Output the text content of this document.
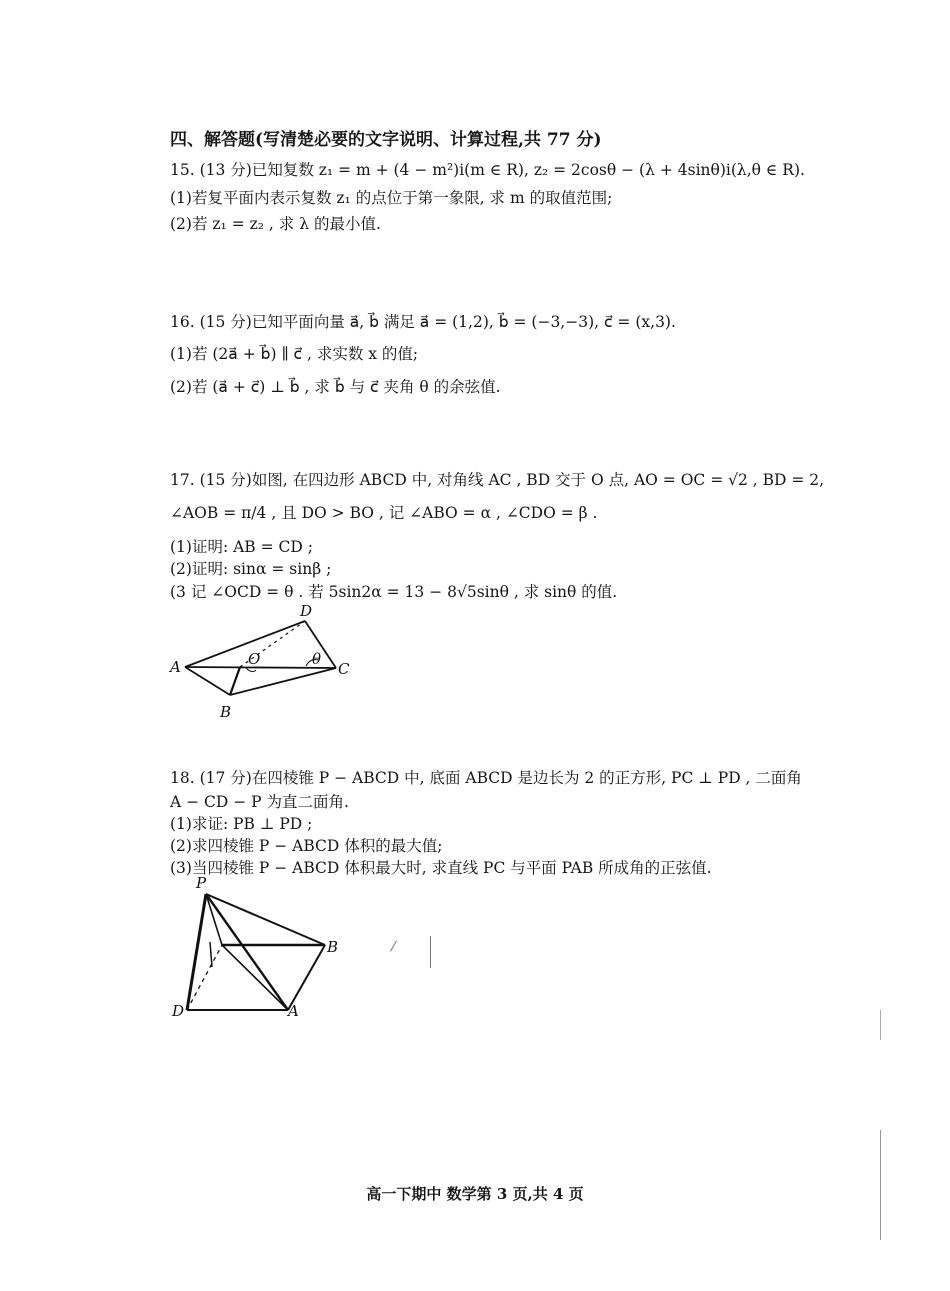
四、解答题(写清楚必要的文字说明、计算过程,共 77 分)
15. (13 分)已知复数 z₁ = m + (4 − m²)i(m ∈ R), z₂ = 2cosθ − (λ + 4sinθ)i(λ,θ ∈ R).
(1)若复平面内表示复数 z₁ 的点位于第一象限, 求 m 的取值范围;
(2)若 z₁ = z₂ , 求 λ 的最小值.
16. (15 分)已知平面向量 a⃗, b⃗ 满足 a⃗ = (1,2), b⃗ = (−3,−3), c⃗ = (x,3).
(1)若 (2a⃗ + b⃗) ∥ c⃗ , 求实数 x 的值;
(2)若 (a⃗ + c⃗) ⊥ b⃗ , 求 b⃗ 与 c⃗ 夹角 θ 的余弦值.
17. (15 分)如图, 在四边形 ABCD 中, 对角线 AC , BD 交于 O 点, AO = OC = √2 , BD = 2,
∠AOB = π/4 , 且 DO > BO , 记 ∠ABO = α , ∠CDO = β .
(1)证明: AB = CD ;
(2)证明: sinα = sinβ ;
(3 记 ∠OCD = θ . 若 5sin2α = 13 − 8√5sinθ , 求 sinθ 的值.
A
B
C
D
O	θ
18. (17 分)在四棱锥 P − ABCD 中, 底面 ABCD 是边长为 2 的正方形, PC ⊥ PD , 二面角
A − CD − P 为直二面角.
(1)求证: PB ⊥ PD ;
(2)求四棱锥 P − ABCD 体积的最大值;
(3)当四棱锥 P − ABCD 体积最大时, 求直线 PC 与平面 PAB 所成角的正弦值.
P
B
D	A
高一下期中 数学第 3 页,共 4 页
